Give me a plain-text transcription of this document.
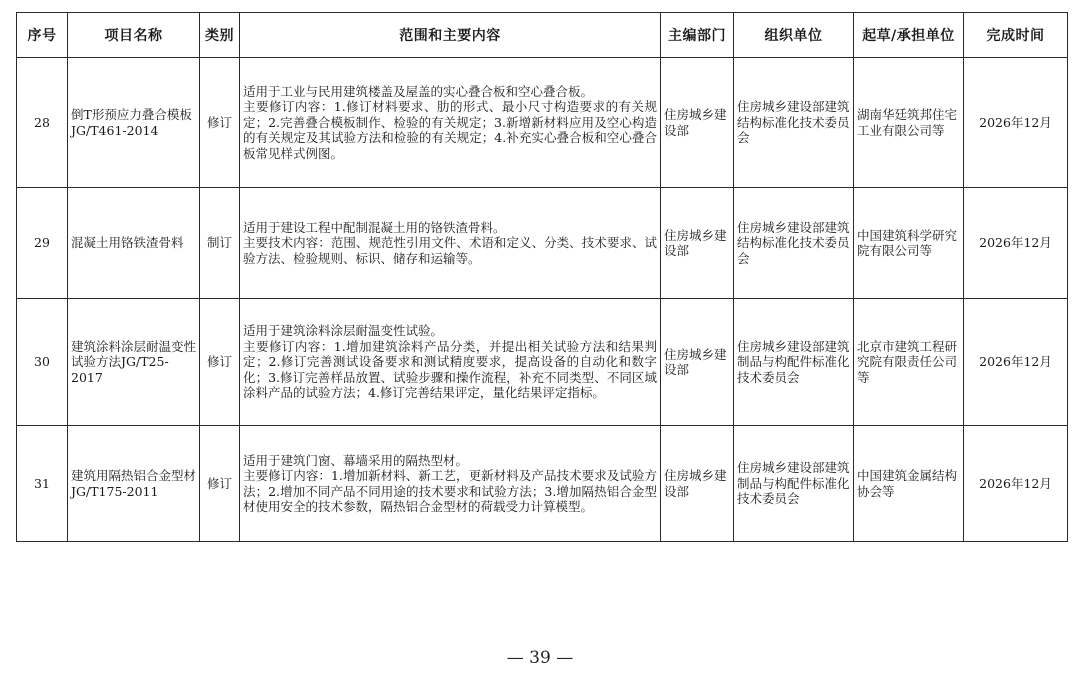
序号	项目名称	类别	范围和主要内容	主编部门	组织单位	起草/承担单位	完成时间
28	倒T形预应力叠合模板JG/T461-2014	修订	适用于工业与民用建筑楼盖及屋盖的实心叠合板和空心叠合板。
主要修订内容：1.修订材料要求、肋的形式、最小尺寸构造要求的有关规定；2.完善叠合模板制作、检验的有关规定；3.新增新材料应用及空心构造的有关规定及其试验方法和检验的有关规定；4.补充实心叠合板和空心叠合板常见样式例图。	住房城乡建设部	住房城乡建设部建筑结构标准化技术委员会	湖南华廷筑邦住宅工业有限公司等	2026年12月
29	混凝土用铬铁渣骨料	制订	适用于建设工程中配制混凝土用的铬铁渣骨料。
主要技术内容：范围、规范性引用文件、术语和定义、分类、技术要求、试验方法、检验规则、标识、储存和运输等。	住房城乡建设部	住房城乡建设部建筑结构标准化技术委员会	中国建筑科学研究院有限公司等	2026年12月
30	建筑涂料涂层耐温变性试验方法JG/T25-2017	修订	适用于建筑涂料涂层耐温变性试验。
主要修订内容：1.增加建筑涂料产品分类，并提出相关试验方法和结果判定；2.修订完善测试设备要求和测试精度要求，提高设备的自动化和数字化；3.修订完善样品放置、试验步骤和操作流程，补充不同类型、不同区域涂料产品的试验方法；4.修订完善结果评定，量化结果评定指标。	住房城乡建设部	住房城乡建设部建筑制品与构配件标准化技术委员会	北京市建筑工程研究院有限责任公司等	2026年12月
31	建筑用隔热铝合金型材JG/T175-2011	修订	适用于建筑门窗、幕墙采用的隔热型材。
主要修订内容：1.增加新材料、新工艺，更新材料及产品技术要求及试验方法；2.增加不同产品不同用途的技术要求和试验方法；3.增加隔热铝合金型材使用安全的技术参数，隔热铝合金型材的荷载受力计算模型。	住房城乡建设部	住房城乡建设部建筑制品与构配件标准化技术委员会	中国建筑金属结构协会等	2026年12月
— 39 —
